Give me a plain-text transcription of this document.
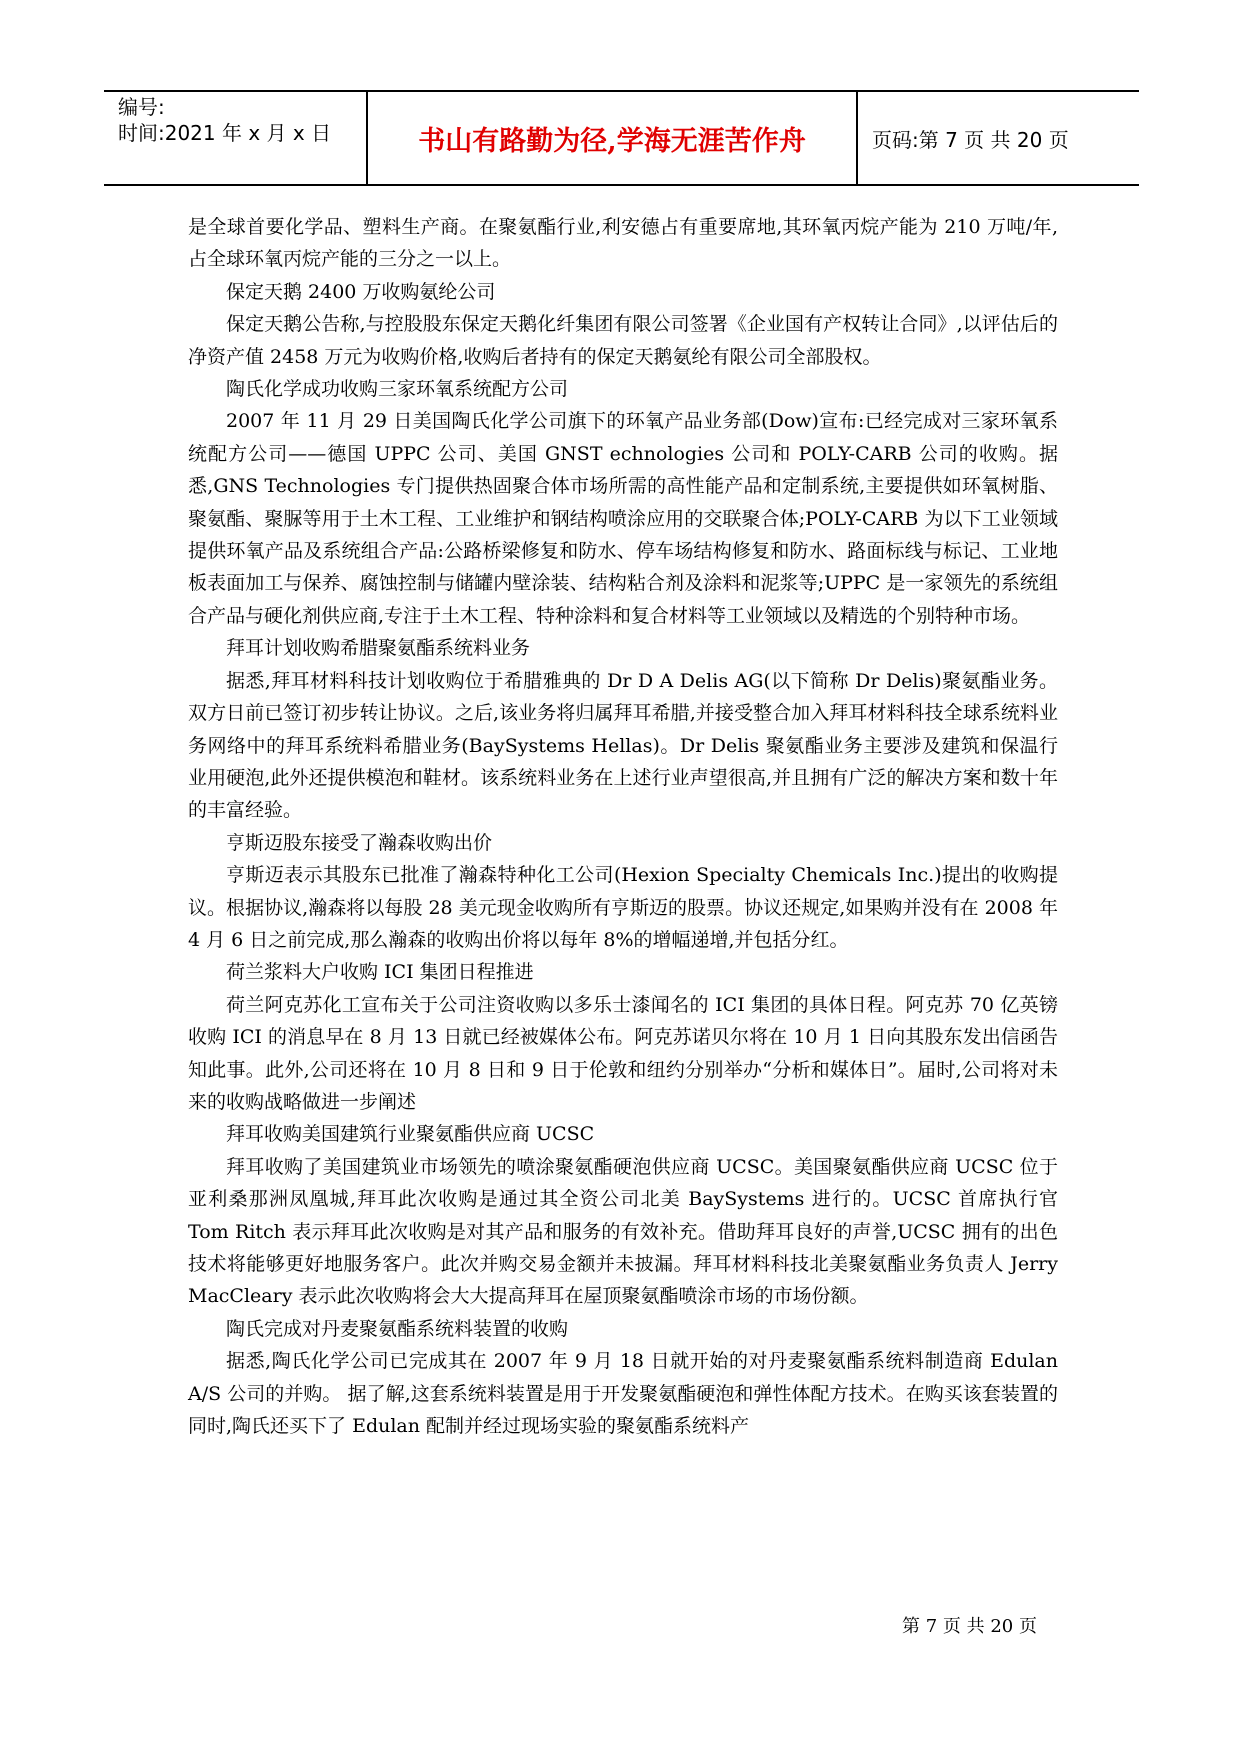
编号:
时间:2021 年 x 月 x 日	书山有路勤为径,学海无涯苦作舟	页码:第 7 页 共 20 页

是全球首要化学品、塑料生产商。在聚氨酯行业,利安德占有重要席地,其环氧丙烷产能为 210 万吨/年,占全球环氧丙烷产能的三分之一以上。

保定天鹅 2400 万收购氨纶公司

保定天鹅公告称,与控股股东保定天鹅化纤集团有限公司签署《企业国有产权转让合同》,以评估后的净资产值 2458 万元为收购价格,收购后者持有的保定天鹅氨纶有限公司全部股权。

陶氏化学成功收购三家环氧系统配方公司

2007 年 11 月 29 日美国陶氏化学公司旗下的环氧产品业务部(Dow)宣布:已经完成对三家环氧系统配方公司——德国 UPPC 公司、美国 GNST echnologies 公司和 POLY-CARB 公司的收购。据悉,GNS Technologies 专门提供热固聚合体市场所需的高性能产品和定制系统,主要提供如环氧树脂、聚氨酯、聚脲等用于土木工程、工业维护和钢结构喷涂应用的交联聚合体;POLY-CARB 为以下工业领域提供环氧产品及系统组合产品:公路桥梁修复和防水、停车场结构修复和防水、路面标线与标记、工业地板表面加工与保养、腐蚀控制与储罐内壁涂装、结构粘合剂及涂料和泥浆等;UPPC 是一家领先的系统组合产品与硬化剂供应商,专注于土木工程、特种涂料和复合材料等工业领域以及精选的个别特种市场。

拜耳计划收购希腊聚氨酯系统料业务

据悉,拜耳材料科技计划收购位于希腊雅典的 Dr D A Delis AG(以下简称 Dr Delis)聚氨酯业务。双方日前已签订初步转让协议。之后,该业务将归属拜耳希腊,并接受整合加入拜耳材料科技全球系统料业务网络中的拜耳系统料希腊业务(BaySystems Hellas)。Dr Delis 聚氨酯业务主要涉及建筑和保温行业用硬泡,此外还提供模泡和鞋材。该系统料业务在上述行业声望很高,并且拥有广泛的解决方案和数十年的丰富经验。

亨斯迈股东接受了瀚森收购出价

亨斯迈表示其股东已批准了瀚森特种化工公司(Hexion Specialty Chemicals Inc.)提出的收购提议。根据协议,瀚森将以每股 28 美元现金收购所有亨斯迈的股票。协议还规定,如果购并没有在 2008 年 4 月 6 日之前完成,那么瀚森的收购出价将以每年 8%的增幅递增,并包括分红。

荷兰浆料大户收购 ICI 集团日程推进

荷兰阿克苏化工宣布关于公司注资收购以多乐士漆闻名的 ICI 集团的具体日程。阿克苏 70 亿英镑收购 ICI 的消息早在 8 月 13 日就已经被媒体公布。阿克苏诺贝尔将在 10 月 1 日向其股东发出信函告知此事。此外,公司还将在 10 月 8 日和 9 日于伦敦和纽约分别举办“分析和媒体日”。届时,公司将对未来的收购战略做进一步阐述

拜耳收购美国建筑行业聚氨酯供应商 UCSC

拜耳收购了美国建筑业市场领先的喷涂聚氨酯硬泡供应商 UCSC。美国聚氨酯供应商 UCSC 位于亚利桑那洲凤凰城,拜耳此次收购是通过其全资公司北美 BaySystems 进行的。UCSC 首席执行官 Tom Ritch 表示拜耳此次收购是对其产品和服务的有效补充。借助拜耳良好的声誉,UCSC 拥有的出色技术将能够更好地服务客户。此次并购交易金额并未披漏。拜耳材料科技北美聚氨酯业务负责人 Jerry MacCleary 表示此次收购将会大大提高拜耳在屋顶聚氨酯喷涂市场的市场份额。

陶氏完成对丹麦聚氨酯系统料装置的收购

据悉,陶氏化学公司已完成其在 2007 年 9 月 18 日就开始的对丹麦聚氨酯系统料制造商 Edulan A/S 公司的并购。 据了解,这套系统料装置是用于开发聚氨酯硬泡和弹性体配方技术。在购买该套装置的同时,陶氏还买下了 Edulan 配制并经过现场实验的聚氨酯系统料产

第 7 页 共 20 页
